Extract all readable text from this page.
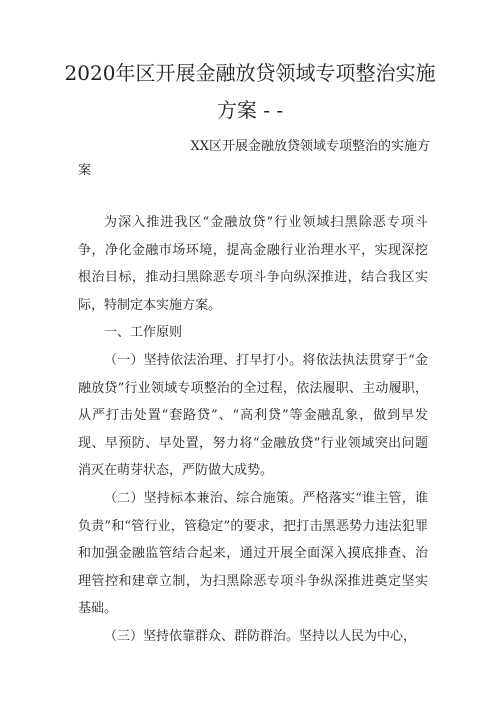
2020年区开展金融放贷领域专项整治实施
方案 - -
XX区开展金融放贷领域专项整治的实施方
案

为深入推进我区“金融放贷”行业领域扫黑除恶专项斗争，净化金融市场环境，提高金融行业治理水平，实现深挖根治目标，推动扫黑除恶专项斗争向纵深推进，结合我区实际，特制定本实施方案。

一、工作原则

（一）坚持依法治理、打早打小。将依法执法贯穿于“金融放贷”行业领域专项整治的全过程，依法履职、主动履职，从严打击处置“套路贷”、“高利贷”等金融乱象，做到早发现、早预防、早处置，努力将“金融放贷”行业领域突出问题消灭在萌芽状态，严防做大成势。

（二）坚持标本兼治、综合施策。严格落实“谁主管，谁负责”和“管行业，管稳定”的要求，把打击黑恶势力违法犯罪和加强金融监管结合起来，通过开展全面深入摸底排查、治理管控和建章立制，为扫黑除恶专项斗争纵深推进奠定坚实基础。

（三）坚持依靠群众、群防群治。坚持以人民为中心，
